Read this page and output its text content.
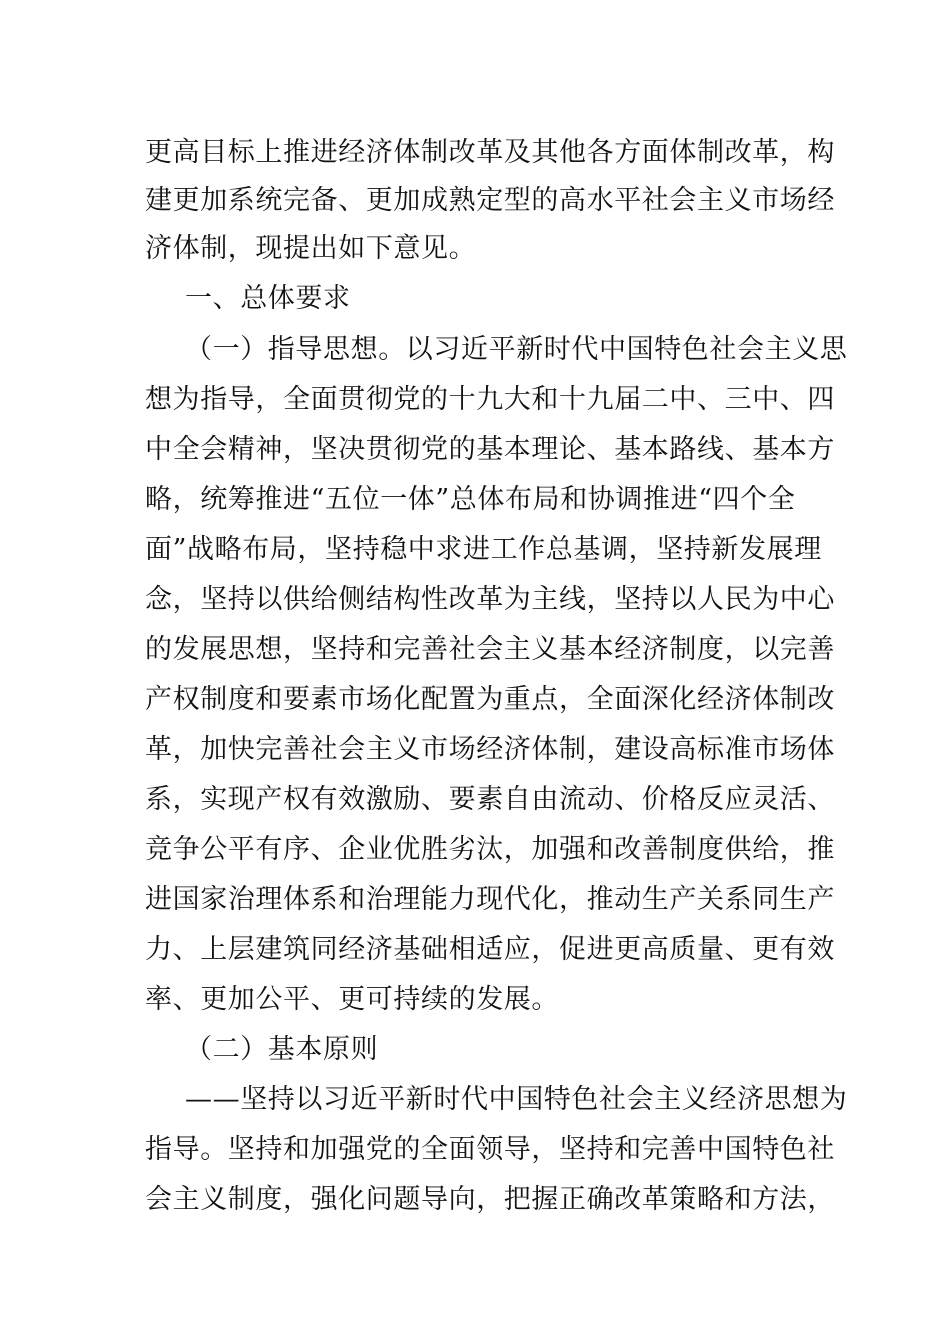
更高目标上推进经济体制改革及其他各方面体制改革，构
建更加系统完备、更加成熟定型的高水平社会主义市场经
济体制，现提出如下意见。
一、总体要求
（一）指导思想。以习近平新时代中国特色社会主义思
想为指导，全面贯彻党的十九大和十九届二中、三中、四
中全会精神，坚决贯彻党的基本理论、基本路线、基本方
略，统筹推进“五位一体”总体布局和协调推进“四个全
面”战略布局，坚持稳中求进工作总基调，坚持新发展理
念，坚持以供给侧结构性改革为主线，坚持以人民为中心
的发展思想，坚持和完善社会主义基本经济制度，以完善
产权制度和要素市场化配置为重点，全面深化经济体制改
革，加快完善社会主义市场经济体制，建设高标准市场体
系，实现产权有效激励、要素自由流动、价格反应灵活、
竞争公平有序、企业优胜劣汰，加强和改善制度供给，推
进国家治理体系和治理能力现代化，推动生产关系同生产
力、上层建筑同经济基础相适应，促进更高质量、更有效
率、更加公平、更可持续的发展。
（二）基本原则
——坚持以习近平新时代中国特色社会主义经济思想为
指导。坚持和加强党的全面领导，坚持和完善中国特色社
会主义制度，强化问题导向，把握正确改革策略和方法，
